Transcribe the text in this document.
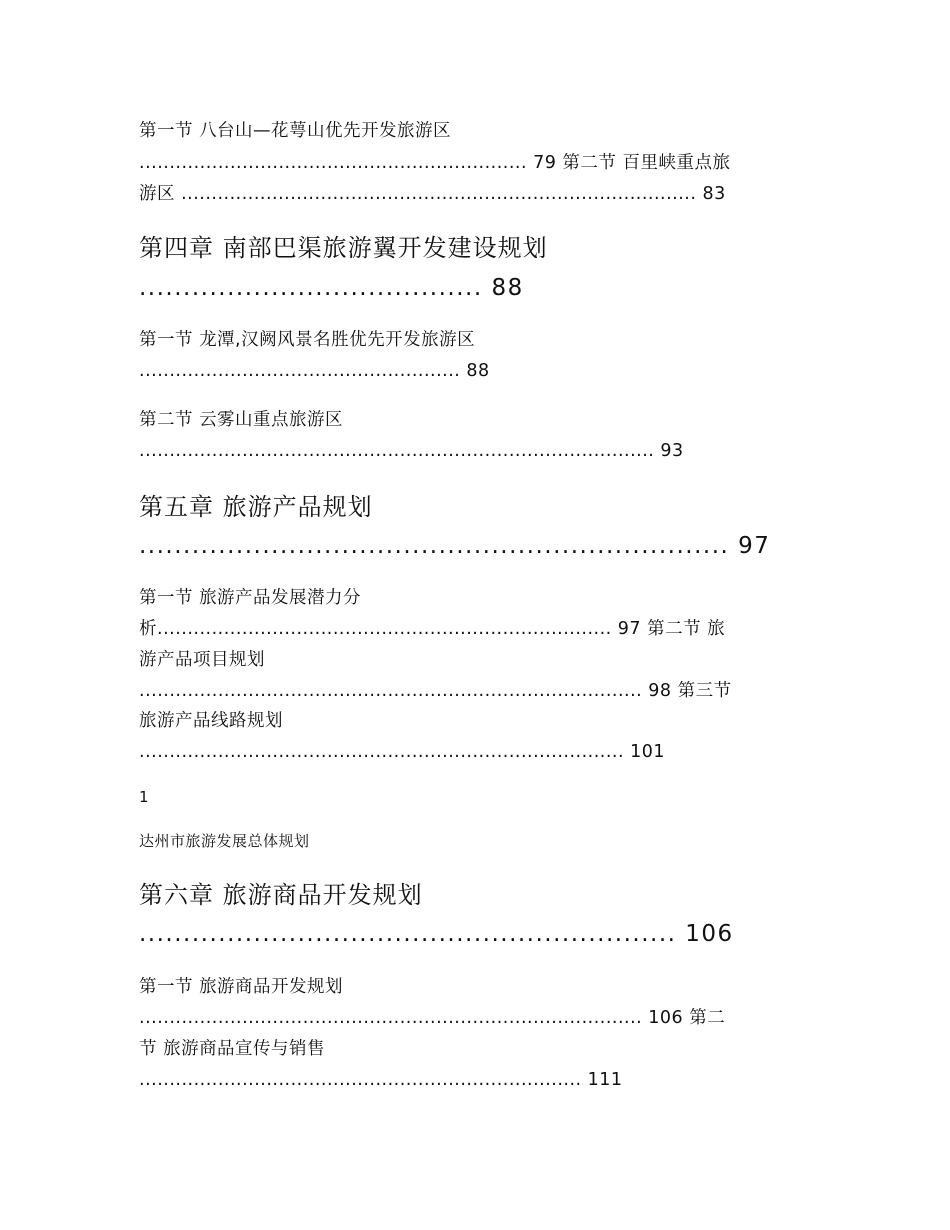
第一节 八台山—花萼山优先开发旅游区
................................................................ 79 第二节 百里峡重点旅
游区 ..................................................................................... 83
第四章 南部巴渠旅游翼开发建设规划
....................................... 88
第一节 龙潭,汉阙风景名胜优先开发旅游区
..................................................... 88
第二节 云雾山重点旅游区
..................................................................................... 93
第五章 旅游产品规划
................................................................... 97
第一节 旅游产品发展潜力分
析........................................................................... 97 第二节 旅
游产品项目规划
................................................................................... 98 第三节
旅游产品线路规划
................................................................................ 101
1
达州市旅游发展总体规划
第六章 旅游商品开发规划
............................................................. 106
第一节 旅游商品开发规划
................................................................................... 106 第二
节 旅游商品宣传与销售
......................................................................... 111
